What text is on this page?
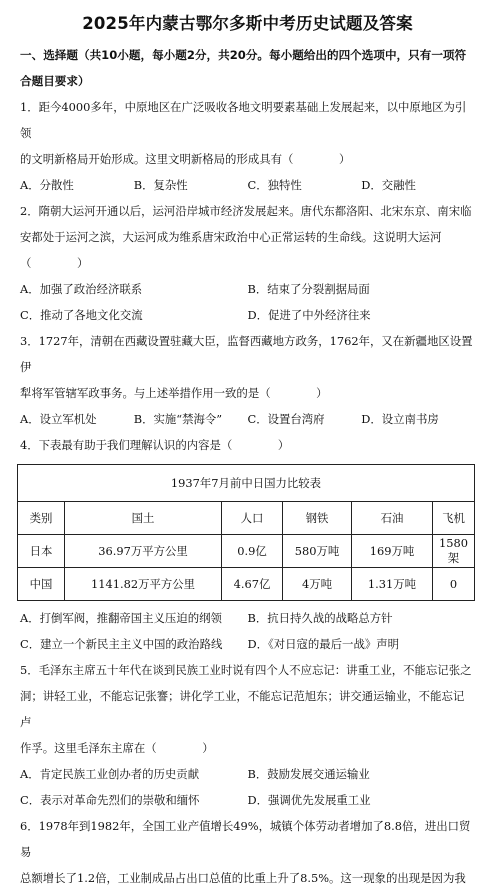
2025年内蒙古鄂尔多斯中考历史试题及答案
一、选择题（共10小题，每小题2分，共20分。每小题给出的四个选项中，只有一项符
合题目要求）
1．距今4000多年，中原地区在广泛吸收各地文明要素基础上发展起来，以中原地区为引领
的文明新格局开始形成。这里文明新格局的形成具有（　　　　）
A．分散性	B．复杂性	C．独特性	D．交融性
2．隋朝大运河开通以后，运河沿岸城市经济发展起来。唐代东都洛阳、北宋东京、南宋临
安都处于运河之滨，大运河成为维系唐宋政治中心正常运转的生命线。这说明大运河
（　　　　）
A．加强了政治经济联系	B．结束了分裂割据局面
C．推动了各地文化交流	D．促进了中外经济往来
3．1727年，清朝在西藏设置驻藏大臣，监督西藏地方政务，1762年，又在新疆地区设置伊
犁将军管辖军政事务。与上述举措作用一致的是（　　　　）
A．设立军机处	B．实施“禁海令”	C．设置台湾府	D．设立南书房
4．下表最有助于我们理解认识的内容是（　　　　）
1937年7月前中日国力比较表					
类别	国土	人口	钢铁	石油	飞机
日本	36.97万平方公里	0.9亿	580万吨	169万吨	1580架
中国	1141.82万平方公里	4.67亿	4万吨	1.31万吨	0
A．打倒军阀，推翻帝国主义压迫的纲领	B．抗日持久战的战略总方针
C．建立一个新民主主义中国的政治路线	D．《对日寇的最后一战》声明
5．毛泽东主席五十年代在谈到民族工业时说有四个人不应忘记：讲重工业，不能忘记张之
洞；讲轻工业，不能忘记张謇；讲化学工业，不能忘记范旭东；讲交通运输业，不能忘记卢
作孚。这里毛泽东主席在（　　　　）
A．肯定民族工业创办者的历史贡献	B．鼓励发展交通运输业
C．表示对革命先烈们的崇敬和缅怀	D．强调优先发展重工业
6．1978年到1982年，全国工业产值增长49%，城镇个体劳动者增加了8.8倍，进出口贸易
总额增长了1.2倍，工业制成品占出口总值的比重上升了8.5%。这一现象的出现是因为我
